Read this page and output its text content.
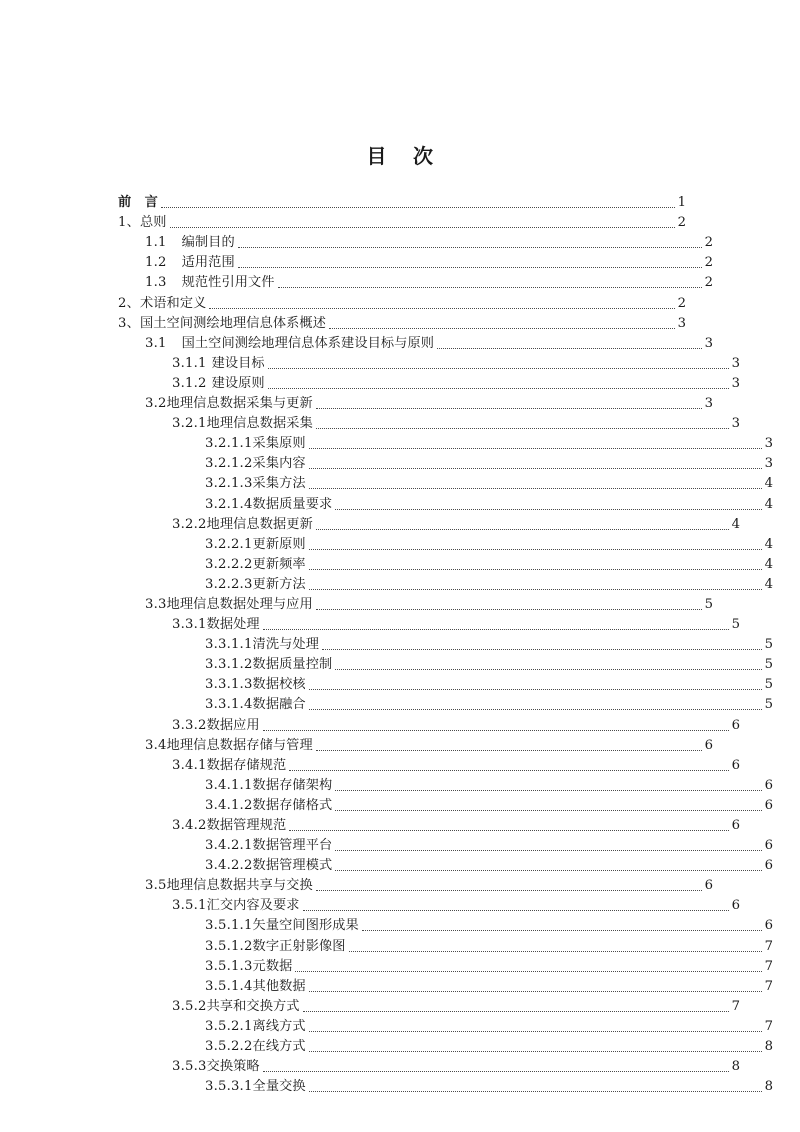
目 次
前　言	1
1、总则	2
1.1 编制目的	2
1.2 适用范围	2
1.3 规范性引用文件	2
2、术语和定义	2
3、国土空间测绘地理信息体系概述	3
3.1 国土空间测绘地理信息体系建设目标与原则	3
3.1.1 建设目标	3
3.1.2 建设原则	3
3.2地理信息数据采集与更新	3
3.2.1地理信息数据采集	3
3.2.1.1采集原则	3
3.2.1.2采集内容	3
3.2.1.3采集方法	4
3.2.1.4数据质量要求	4
3.2.2地理信息数据更新	4
3.2.2.1更新原则	4
3.2.2.2更新频率	4
3.2.2.3更新方法	4
3.3地理信息数据处理与应用	5
3.3.1数据处理	5
3.3.1.1清洗与处理	5
3.3.1.2数据质量控制	5
3.3.1.3数据校核	5
3.3.1.4数据融合	5
3.3.2数据应用	6
3.4地理信息数据存储与管理	6
3.4.1数据存储规范	6
3.4.1.1数据存储架构	6
3.4.1.2数据存储格式	6
3.4.2数据管理规范	6
3.4.2.1数据管理平台	6
3.4.2.2数据管理模式	6
3.5地理信息数据共享与交换	6
3.5.1汇交内容及要求	6
3.5.1.1矢量空间图形成果	6
3.5.1.2数字正射影像图	7
3.5.1.3元数据	7
3.5.1.4其他数据	7
3.5.2共享和交换方式	7
3.5.2.1离线方式	7
3.5.2.2在线方式	8
3.5.3交换策略	8
3.5.3.1全量交换	8
